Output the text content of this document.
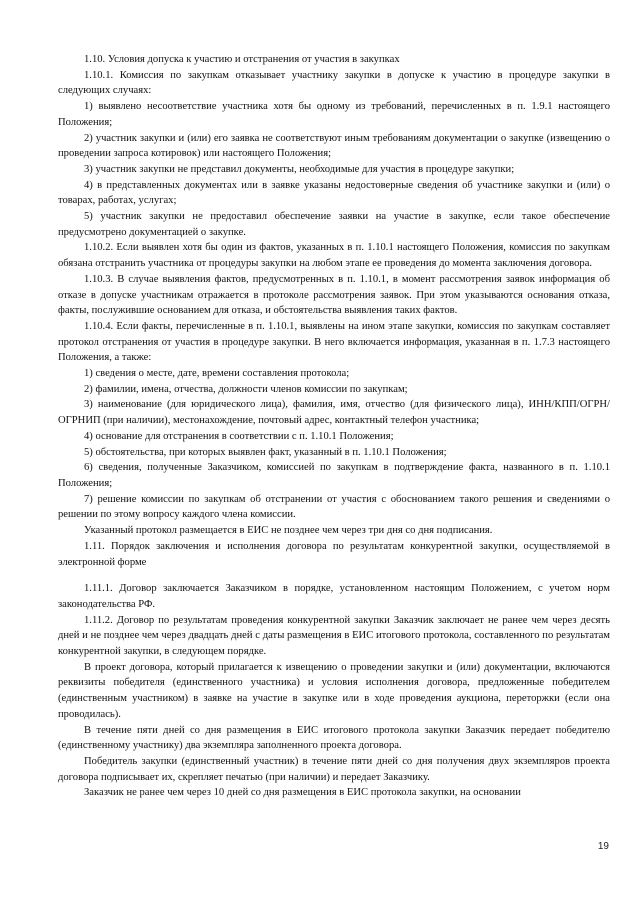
1.10. Условия допуска к участию и отстранения от участия в закупках

1.10.1. Комиссия по закупкам отказывает участнику закупки в допуске к участию в процедуре закупки в следующих случаях:

1) выявлено несоответствие участника хотя бы одному из требований, перечисленных в п. 1.9.1 настоящего Положения;

2) участник закупки и (или) его заявка не соответствуют иным требованиям документации о закупке (извещению о проведении запроса котировок) или настоящего Положения;

3) участник закупки не представил документы, необходимые для участия в процедуре закупки;

4) в представленных документах или в заявке указаны недостоверные сведения об участнике закупки и (или) о товарах, работах, услугах;

5) участник закупки не предоставил обеспечение заявки на участие в закупке, если такое обеспечение предусмотрено документацией о закупке.

1.10.2. Если выявлен хотя бы один из фактов, указанных в п. 1.10.1 настоящего Положения, комиссия по закупкам обязана отстранить участника от процедуры закупки на любом этапе ее проведения до момента заключения договора.

1.10.3. В случае выявления фактов, предусмотренных в п. 1.10.1, в момент рассмотрения заявок информация об отказе в допуске участникам отражается в протоколе рассмотрения заявок. При этом указываются основания отказа, факты, послужившие основанием для отказа, и обстоятельства выявления таких фактов.

1.10.4. Если факты, перечисленные в п. 1.10.1, выявлены на ином этапе закупки, комиссия по закупкам составляет протокол отстранения от участия в процедуре закупки. В него включается информация, указанная в п. 1.7.3 настоящего Положения, а также:

1) сведения о месте, дате, времени составления протокола;

2) фамилии, имена, отчества, должности членов комиссии по закупкам;

3) наименование (для юридического лица), фамилия, имя, отчество (для физического лица), ИНН/КПП/ОГРН/ОГРНИП (при наличии), местонахождение, почтовый адрес, контактный телефон участника;

4) основание для отстранения в соответствии с п. 1.10.1 Положения;

5) обстоятельства, при которых выявлен факт, указанный в п. 1.10.1 Положения;

6) сведения, полученные Заказчиком, комиссией по закупкам в подтверждение факта, названного в п. 1.10.1 Положения;

7) решение комиссии по закупкам об отстранении от участия с обоснованием такого решения и сведениями о решении по этому вопросу каждого члена комиссии.

Указанный протокол размещается в ЕИС не позднее чем через три дня со дня подписания.

1.11. Порядок заключения и исполнения договора по результатам конкурентной закупки, осуществляемой в электронной форме

1.11.1. Договор заключается Заказчиком в порядке, установленном настоящим Положением, с учетом норм законодательства РФ.

1.11.2. Договор по результатам проведения конкурентной закупки Заказчик заключает не ранее чем через десять дней и не позднее чем через двадцать дней с даты размещения в ЕИС итогового протокола, составленного по результатам конкурентной закупки, в следующем порядке.

В проект договора, который прилагается к извещению о проведении закупки и (или) документации, включаются реквизиты победителя (единственного участника) и условия исполнения договора, предложенные победителем (единственным участником) в заявке на участие в закупке или в ходе проведения аукциона, переторжки (если она проводилась).

В течение пяти дней со дня размещения в ЕИС итогового протокола закупки Заказчик передает победителю (единственному участнику) два экземпляра заполненного проекта договора.

Победитель закупки (единственный участник) в течение пяти дней со дня получения двух экземпляров проекта договора подписывает их, скрепляет печатью (при наличии) и передает Заказчику.

Заказчик не ранее чем через 10 дней со дня размещения в ЕИС протокола закупки, на основании

19
